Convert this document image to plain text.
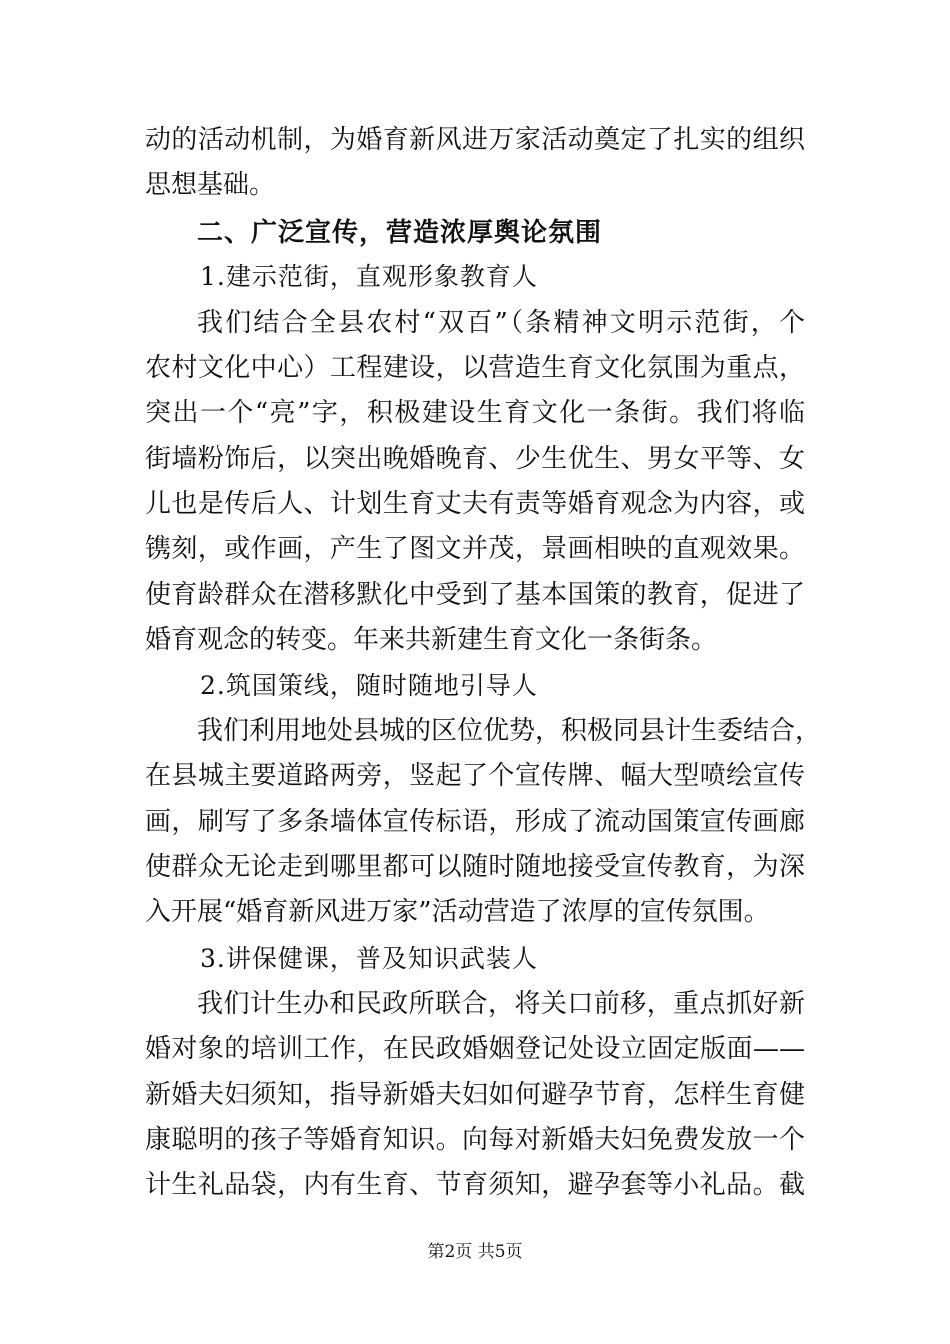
动的活动机制，为婚育新风进万家活动奠定了扎实的组织
思想基础。
二、广泛宣传，营造浓厚舆论氛围
1.建示范街，直观形象教育人
我们结合全县农村“双百”（条精神文明示范街，个
农村文化中心）工程建设，以营造生育文化氛围为重点，
突出一个“亮”字，积极建设生育文化一条街。我们将临
街墙粉饰后，以突出晚婚晚育、少生优生、男女平等、女
儿也是传后人、计划生育丈夫有责等婚育观念为内容，或
镌刻，或作画，产生了图文并茂，景画相映的直观效果。
使育龄群众在潜移默化中受到了基本国策的教育，促进了
婚育观念的转变。年来共新建生育文化一条街条。
2.筑国策线，随时随地引导人
我们利用地处县城的区位优势，积极同县计生委结合，
在县城主要道路两旁，竖起了个宣传牌、幅大型喷绘宣传
画，刷写了多条墙体宣传标语，形成了流动国策宣传画廊
使群众无论走到哪里都可以随时随地接受宣传教育，为深
入开展“婚育新风进万家”活动营造了浓厚的宣传氛围。
3.讲保健课，普及知识武装人
我们计生办和民政所联合，将关口前移，重点抓好新
婚对象的培训工作，在民政婚姻登记处设立固定版面——
新婚夫妇须知，指导新婚夫妇如何避孕节育，怎样生育健
康聪明的孩子等婚育知识。向每对新婚夫妇免费发放一个
计生礼品袋，内有生育、节育须知，避孕套等小礼品。截
第2页 共5页
